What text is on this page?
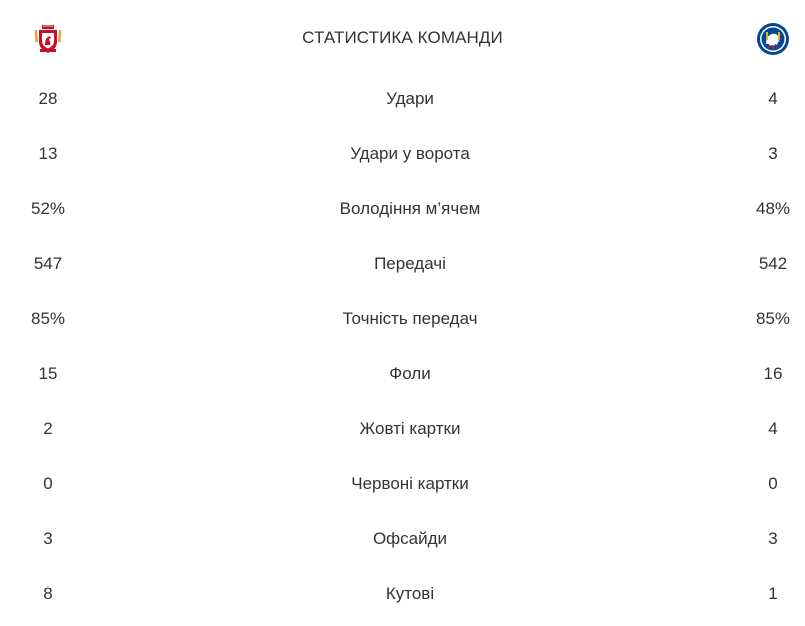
СТАТИСТИКА КОМАНДИ
28	Удари	4
13	Удари у ворота	3
52%	Володіння м’ячем	48%
547	Передачі	542
85%	Точність передач	85%
15	Фоли	16
2	Жовті картки	4
0	Червоні картки	0
3	Офсайди	3
8	Кутові	1
